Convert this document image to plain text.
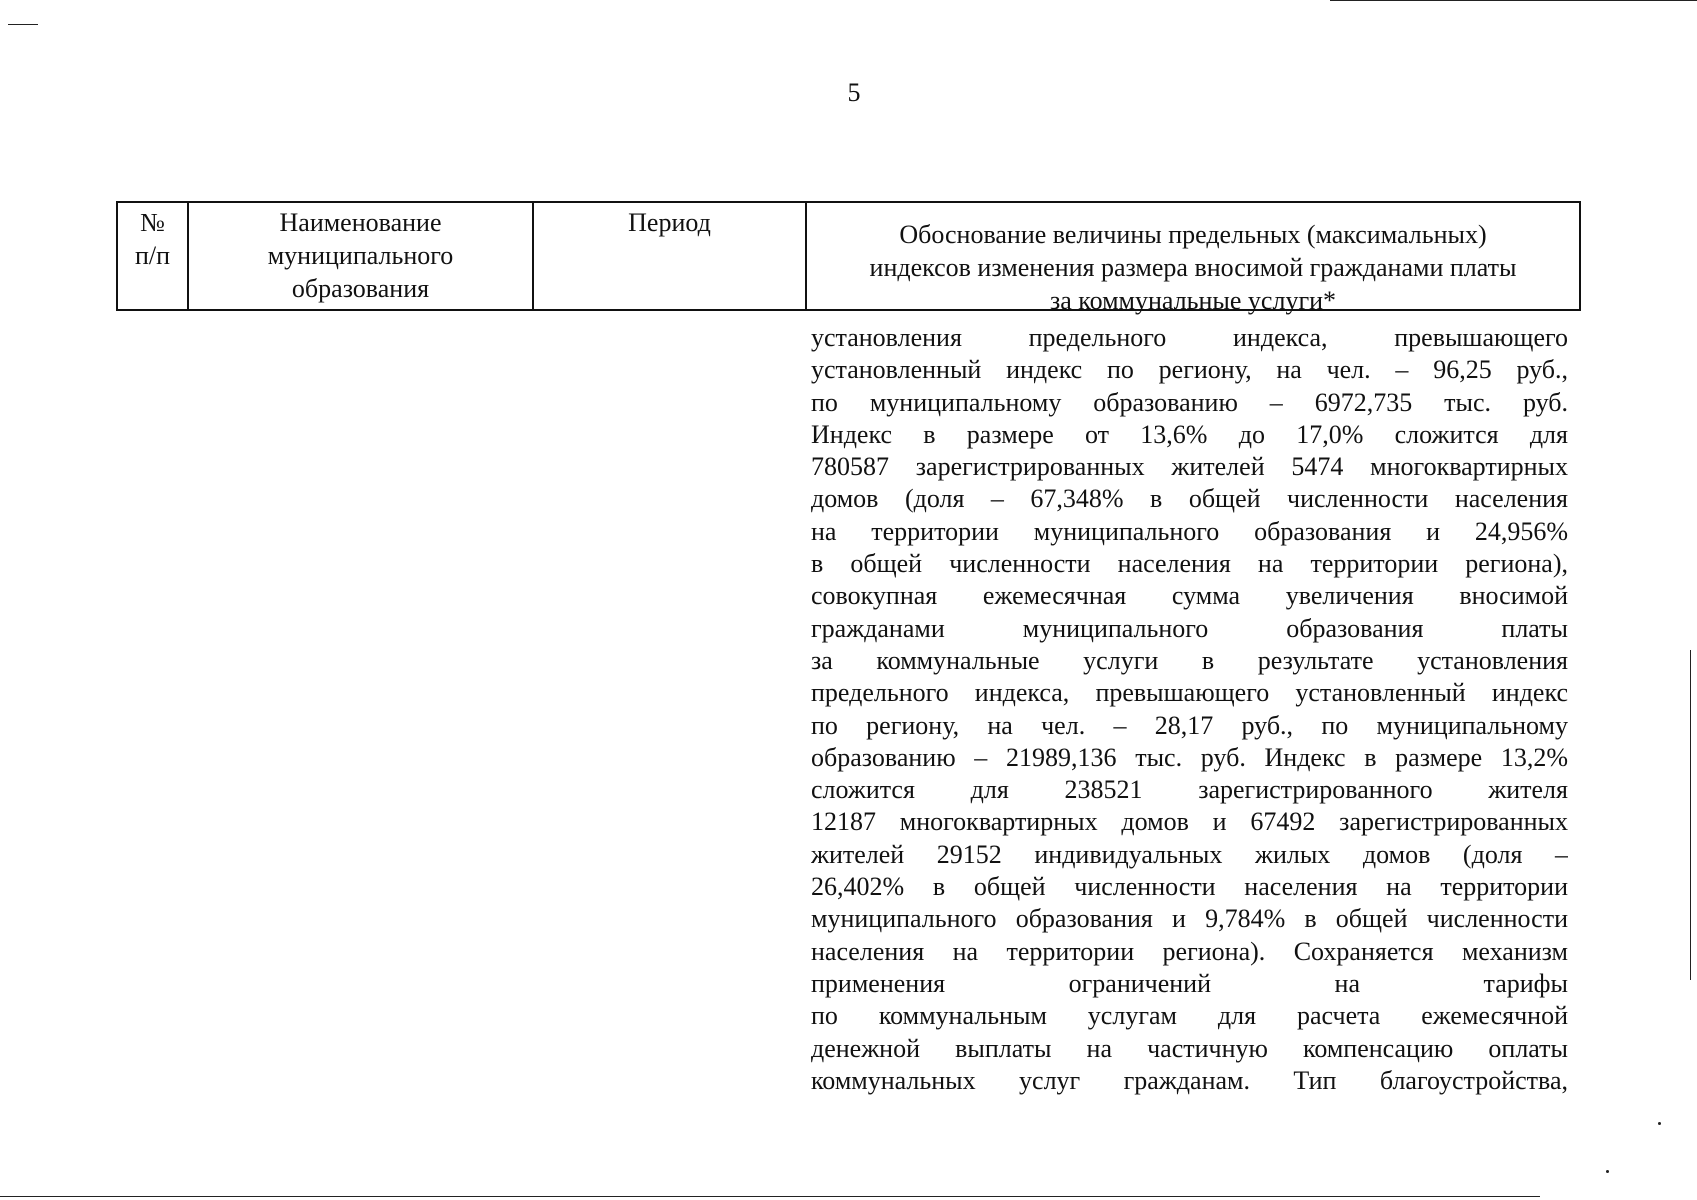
5
№
п/п
Наименование
муниципального
образования
Период	Обоснование величины предельных (максимальных)
индексов изменения размера вносимой гражданами платы
за коммунальные услуги*
установления предельного индекса, превышающего
установленный индекс по региону, на чел. – 96,25 руб.,
по муниципальному образованию – 6972,735 тыс. руб.
Индекс в размере от 13,6% до 17,0% сложится для
780587 зарегистрированных жителей 5474 многоквартирных
домов (доля – 67,348% в общей численности населения
на территории муниципального образования и 24,956%
в общей численности населения на территории региона),
совокупная ежемесячная сумма увеличения вносимой
гражданами муниципального образования платы
за коммунальные услуги в результате установления
предельного индекса, превышающего установленный индекс
по региону, на чел. – 28,17 руб., по муниципальному
образованию – 21989,136 тыс. руб. Индекс в размере 13,2%
сложится для 238521 зарегистрированного жителя
12187 многоквартирных домов и 67492 зарегистрированных
жителей 29152 индивидуальных жилых домов (доля –
26,402% в общей численности населения на территории
муниципального образования и 9,784% в общей численности
населения на территории региона). Сохраняется механизм
применения ограничений на тарифы
по коммунальным услугам для расчета ежемесячной
денежной выплаты на частичную компенсацию оплаты
коммунальных услуг гражданам. Тип благоустройства,
